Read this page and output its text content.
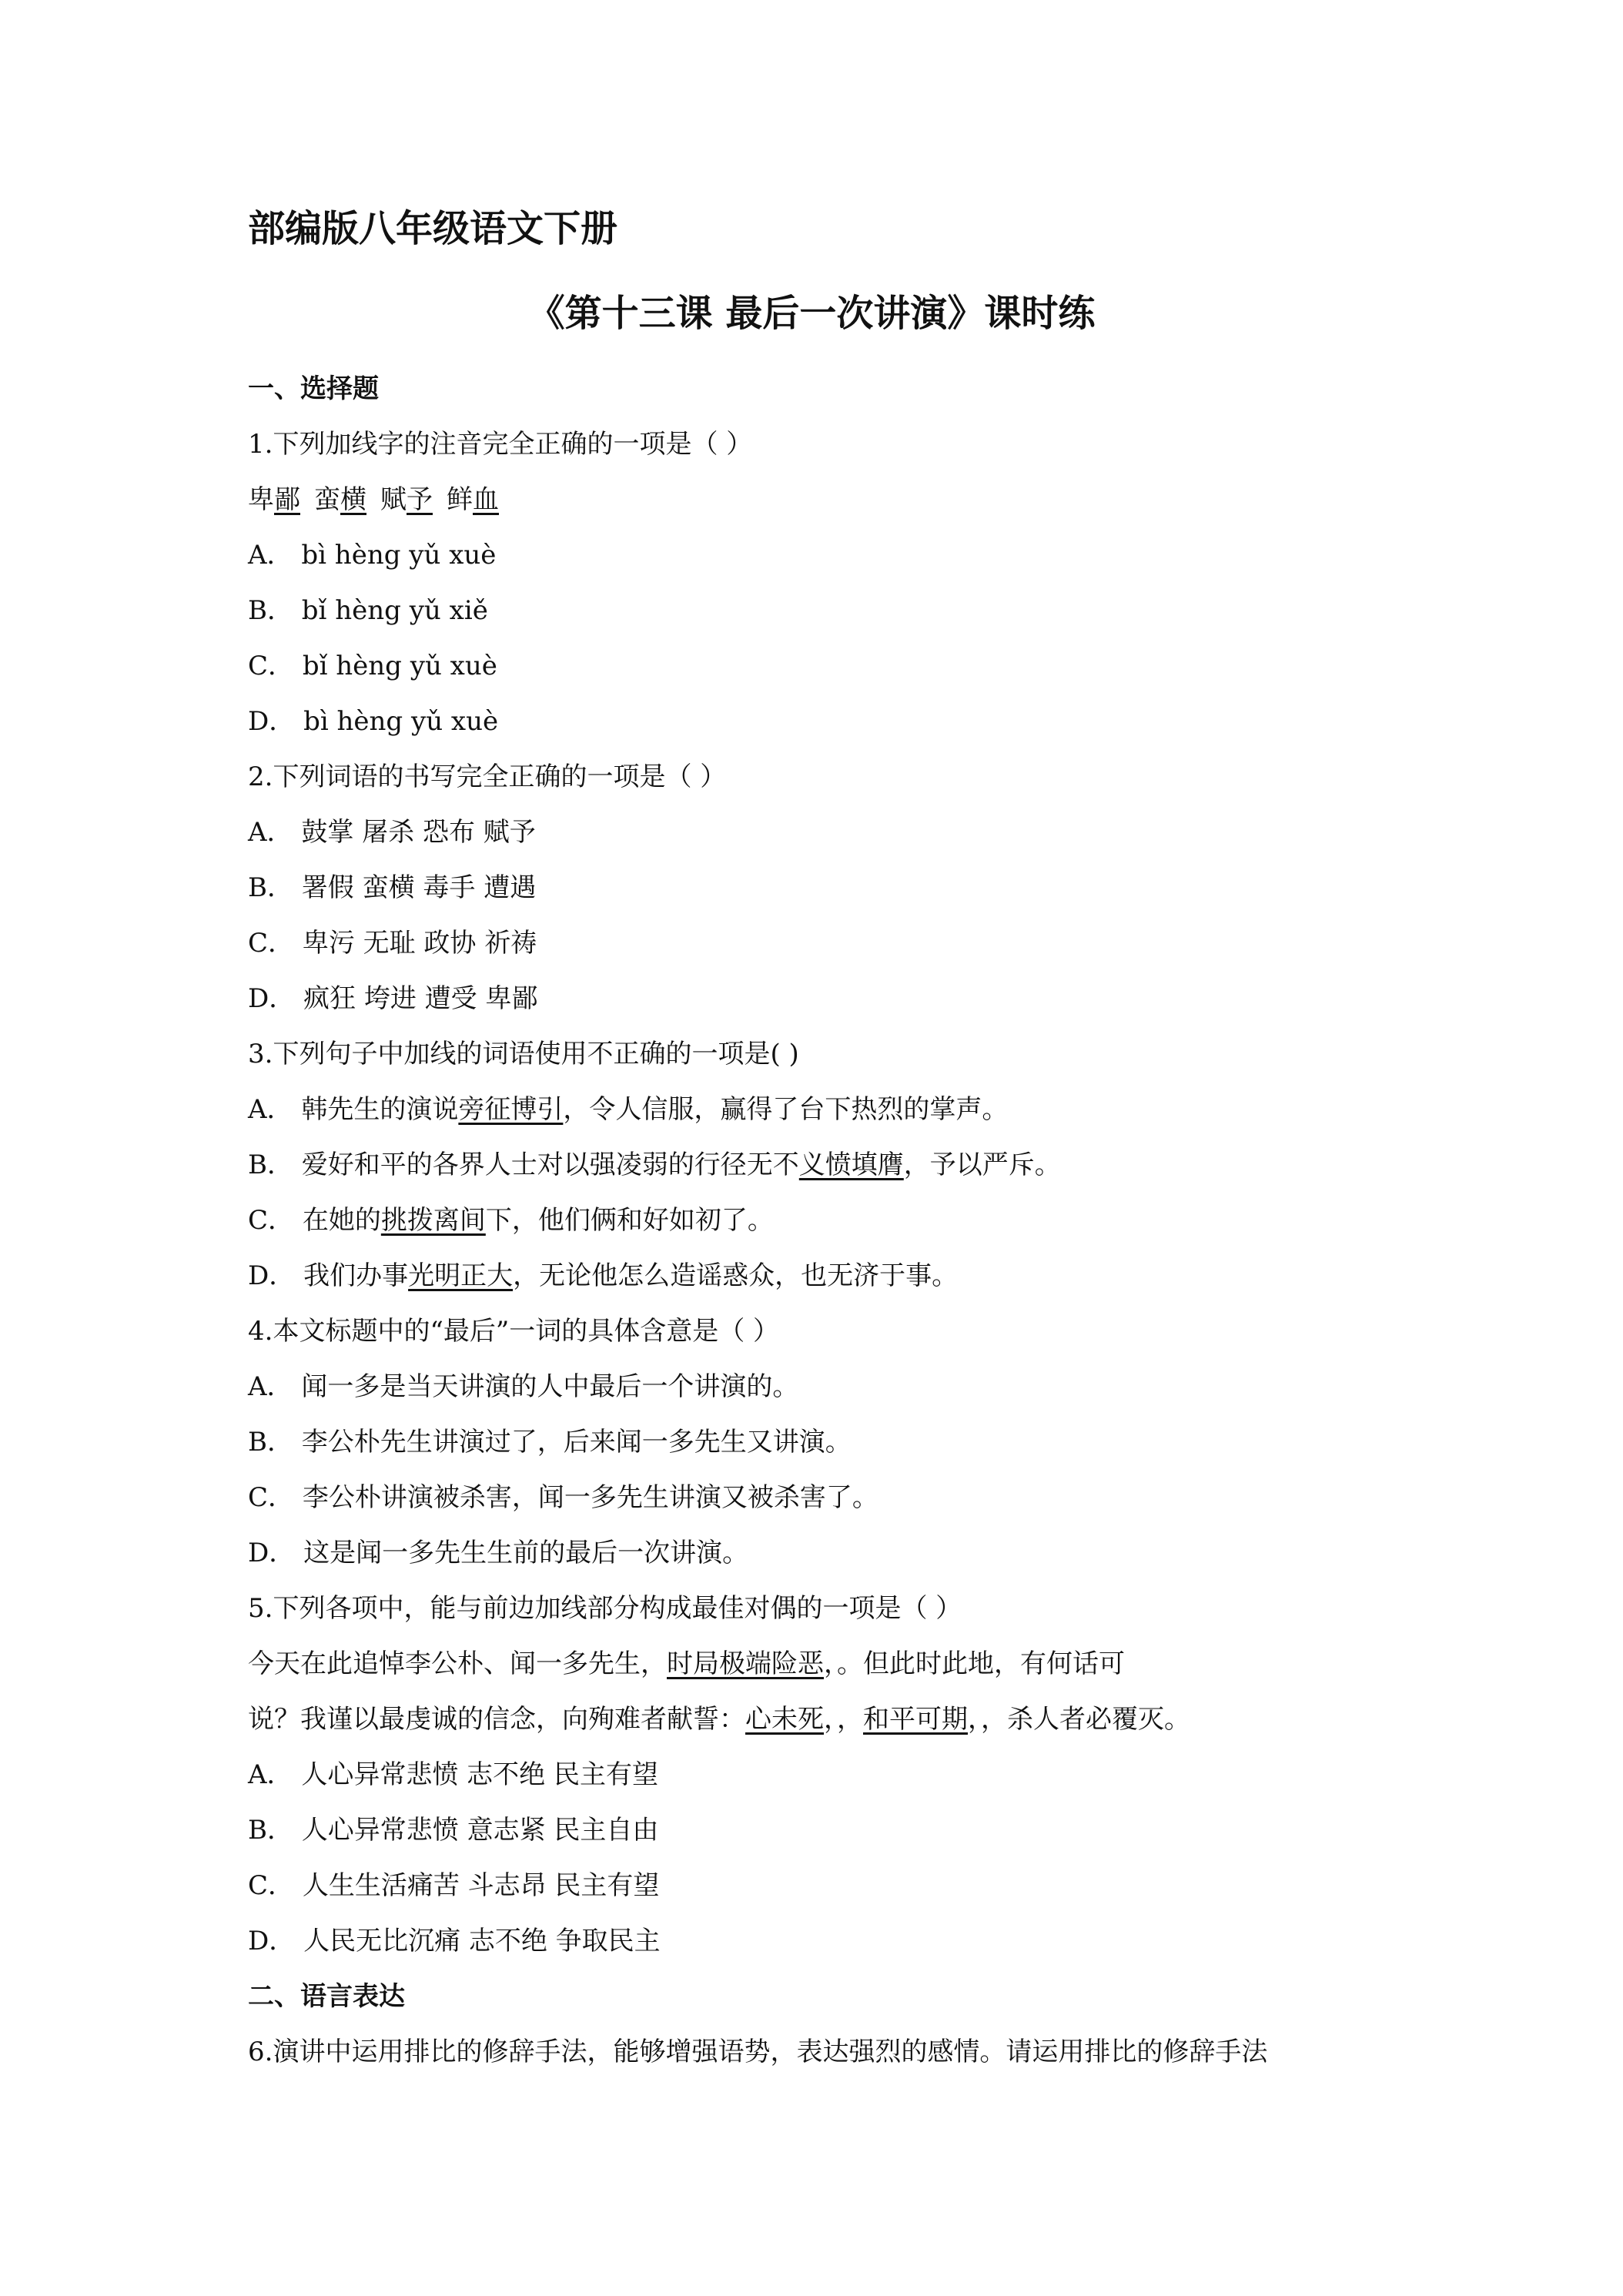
部编版八年级语文下册
《第十三课 最后一次讲演》课时练
一、选择题
1.下列加线字的注音完全正确的一项是（ ）
卑鄙 蛮横 赋予 鲜血
A． bì hèng yǔ xuè
B． bǐ hèng yǔ xiě
C． bǐ hèng yǔ xuè
D． bì hèng yǔ xuè
2.下列词语的书写完全正确的一项是（ ）
A． 鼓掌 屠杀 恐布 赋予
B． 署假 蛮横 毒手 遭遇
C． 卑污 无耻 政协 祈祷
D． 疯狂 垮进 遭受 卑鄙
3.下列句子中加线的词语使用不正确的一项是( )
A． 韩先生的演说旁征博引，令人信服，赢得了台下热烈的掌声。
B． 爱好和平的各界人士对以强凌弱的行径无不义愤填膺，予以严斥。
C． 在她的挑拨离间下，他们俩和好如初了。
D． 我们办事光明正大，无论他怎么造谣惑众，也无济于事。
4.本文标题中的“最后”一词的具体含意是（ ）
A． 闻一多是当天讲演的人中最后一个讲演的。
B． 李公朴先生讲演过了，后来闻一多先生又讲演。
C． 李公朴讲演被杀害，闻一多先生讲演又被杀害了。
D． 这是闻一多先生生前的最后一次讲演。
5.下列各项中，能与前边加线部分构成最佳对偶的一项是（ ）
今天在此追悼李公朴、闻一多先生，时局极端险恶，。但此时此地，有何话可
说？我谨以最虔诚的信念，向殉难者献誓：心未死，，和平可期，，杀人者必覆灭。
A． 人心异常悲愤 志不绝 民主有望
B． 人心异常悲愤 意志紧 民主自由
C． 人生生活痛苦 斗志昂 民主有望
D． 人民无比沉痛 志不绝 争取民主
二、语言表达
6.演讲中运用排比的修辞手法，能够增强语势，表达强烈的感情。请运用排比的修辞手法
